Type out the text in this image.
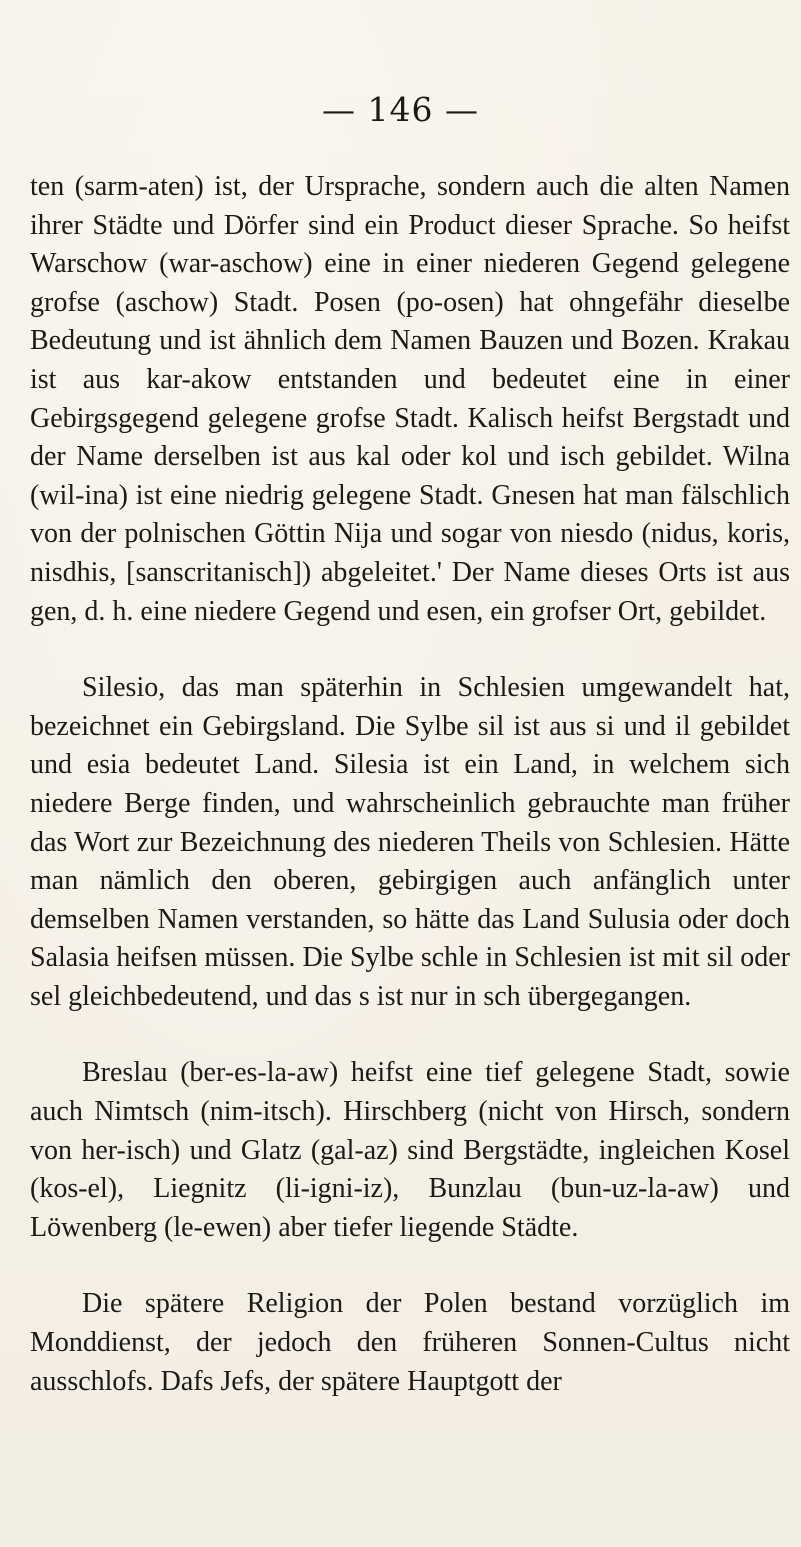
— 146 —

ten (sarm-aten) ist, der Ursprache, sondern auch die alten Namen ihrer Städte und Dörfer sind ein Product dieser Sprache. So heifst Warschow (war-aschow) eine in einer niederen Gegend gelegene grofse (aschow) Stadt. Posen (po-osen) hat ohngefähr dieselbe Bedeutung und ist ähnlich dem Namen Bauzen und Bozen. Krakau ist aus kar-akow entstanden und bedeutet eine in einer Gebirgsgegend gelegene grofse Stadt. Kalisch heifst Bergstadt und der Name derselben ist aus kal oder kol und isch gebildet. Wilna (wil-ina) ist eine niedrig gelegene Stadt. Gnesen hat man fälschlich von der polnischen Göttin Nija und sogar von niesdo (nidus, koris, nisdhis, [sanscritanisch]) abgeleitet.' Der Name dieses Orts ist aus gen, d. h. eine niedere Gegend und esen, ein grofser Ort, gebildet.

Silesio, das man späterhin in Schlesien umgewandelt hat, bezeichnet ein Gebirgsland. Die Sylbe sil ist aus si und il gebildet und esia bedeutet Land. Silesia ist ein Land, in welchem sich niedere Berge finden, und wahrscheinlich gebrauchte man früher das Wort zur Bezeichnung des niederen Theils von Schlesien. Hätte man nämlich den oberen, gebirgigen auch anfänglich unter demselben Namen verstanden, so hätte das Land Sulusia oder doch Salasia heifsen müssen. Die Sylbe schle in Schlesien ist mit sil oder sel gleichbedeutend, und das s ist nur in sch übergegangen.

Breslau (ber-es-la-aw) heifst eine tief gelegene Stadt, sowie auch Nimtsch (nim-itsch). Hirschberg (nicht von Hirsch, sondern von her-isch) und Glatz (gal-az) sind Bergstädte, ingleichen Kosel (kos-el), Liegnitz (li-igni-iz), Bunzlau (bun-uz-la-aw) und Löwenberg (le-ewen) aber tiefer liegende Städte.

Die spätere Religion der Polen bestand vorzüglich im Monddienst, der jedoch den früheren Sonnen-Cultus nicht ausschlofs. Dafs Jefs, der spätere Hauptgott der
